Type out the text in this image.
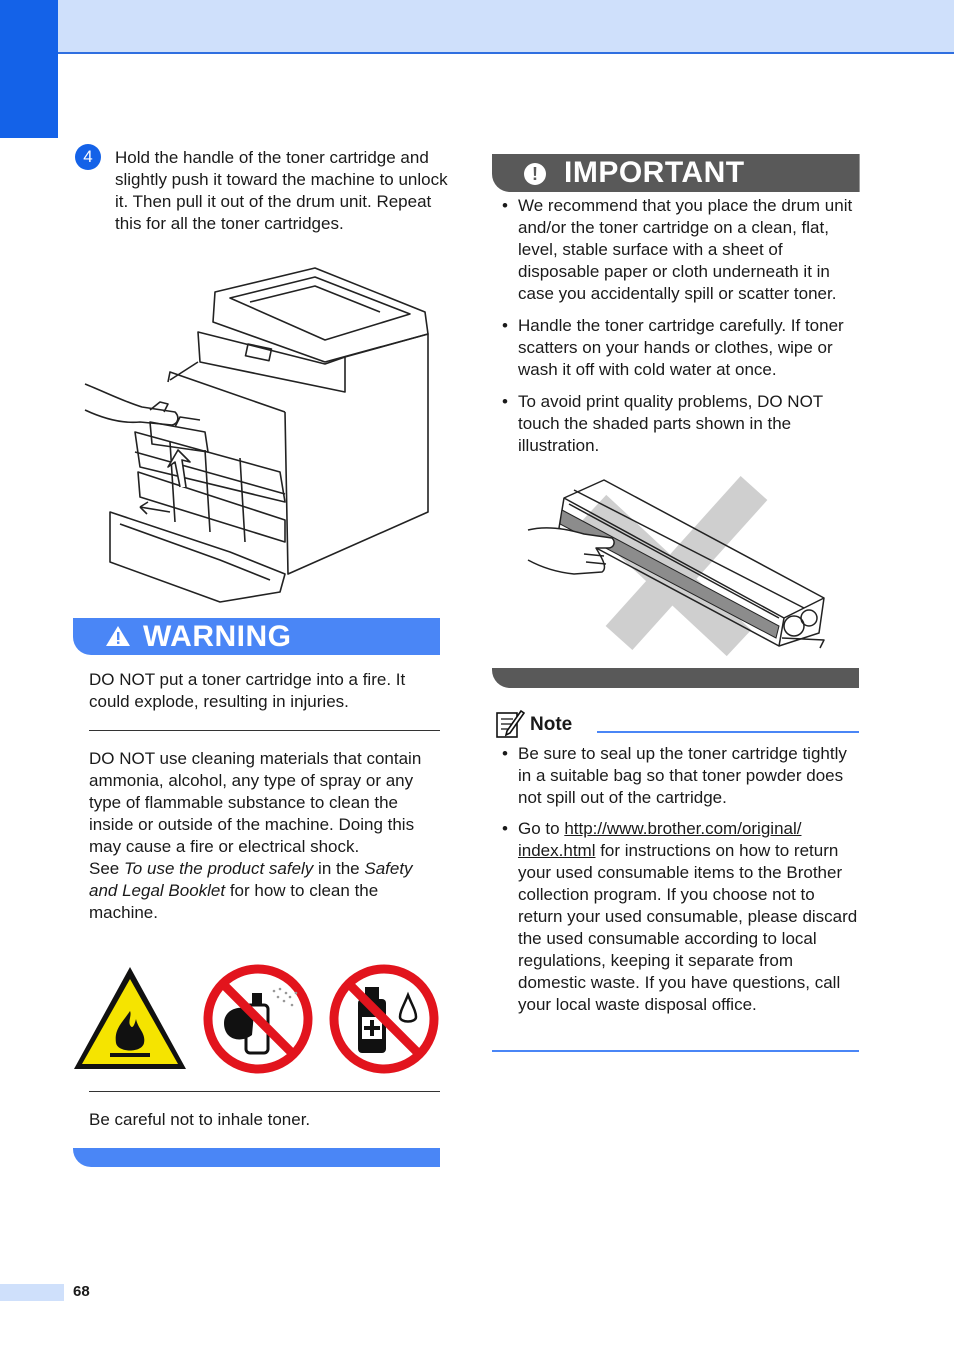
4	Hold the handle of the toner cartridge and slightly push it toward the machine to unlock it. Then pull it out of the drum unit. Repeat this for all the toner cartridges.
WARNING
DO NOT put a toner cartridge into a fire. It could explode, resulting in injuries.
DO NOT use cleaning materials that contain ammonia, alcohol, any type of spray or any type of flammable substance to clean the inside or outside of the machine. Doing this may cause a fire or electrical shock.
See To use the product safely in the Safety and Legal Booklet for how to clean the machine.
Be careful not to inhale toner.
! IMPORTANT
• We recommend that you place the drum unit and/or the toner cartridge on a clean, flat, level, stable surface with a sheet of disposable paper or cloth underneath it in case you accidentally spill or scatter toner.
• Handle the toner cartridge carefully. If toner scatters on your hands or clothes, wipe or wash it off with cold water at once.
• To avoid print quality problems, DO NOT touch the shaded parts shown in the illustration.
Note
• Be sure to seal up the toner cartridge tightly in a suitable bag so that toner powder does not spill out of the cartridge.
• Go to http://www.brother.com/original/
index.html for instructions on how to return your used consumable items to the Brother collection program. If you choose not to return your used consumable, please discard the used consumable according to local regulations, keeping it separate from domestic waste. If you have questions, call your local waste disposal office.
68
